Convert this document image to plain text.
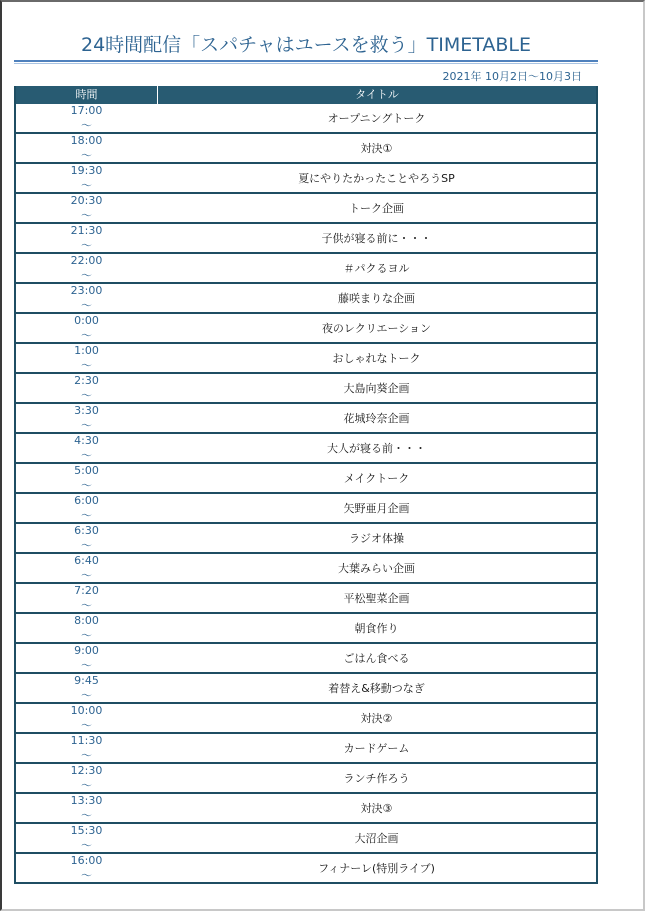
24時間配信「スパチャはユースを救う」TIMETABLE
2021年 10月2日～10月3日
時間	タイトル
17:00
～
オープニングトーク
18:00
～
対決①
19:30
～
夏にやりたかったことやろうSP
20:30
～
トーク企画
21:30
～
子供が寝る前に・・・
22:00
～
＃パクるヨル
23:00
～
藤咲まりな企画
0:00
～
夜のレクリエーション
1:00
～
おしゃれなトーク
2:30
～
大島向葵企画
3:30
～
花城玲奈企画
4:30
～
大人が寝る前・・・
5:00
～
メイクトーク
6:00
～
矢野亜月企画
6:30
～
ラジオ体操
6:40
～
大葉みらい企画
7:20
～
平松聖菜企画
8:00
～
朝食作り
9:00
～
ごはん食べる
9:45
～
着替え&移動つなぎ
10:00
～
対決②
11:30
～
カードゲーム
12:30
～
ランチ作ろう
13:30
～
対決③
15:30
～
大沼企画
16:00
～
フィナーレ(特別ライブ)
